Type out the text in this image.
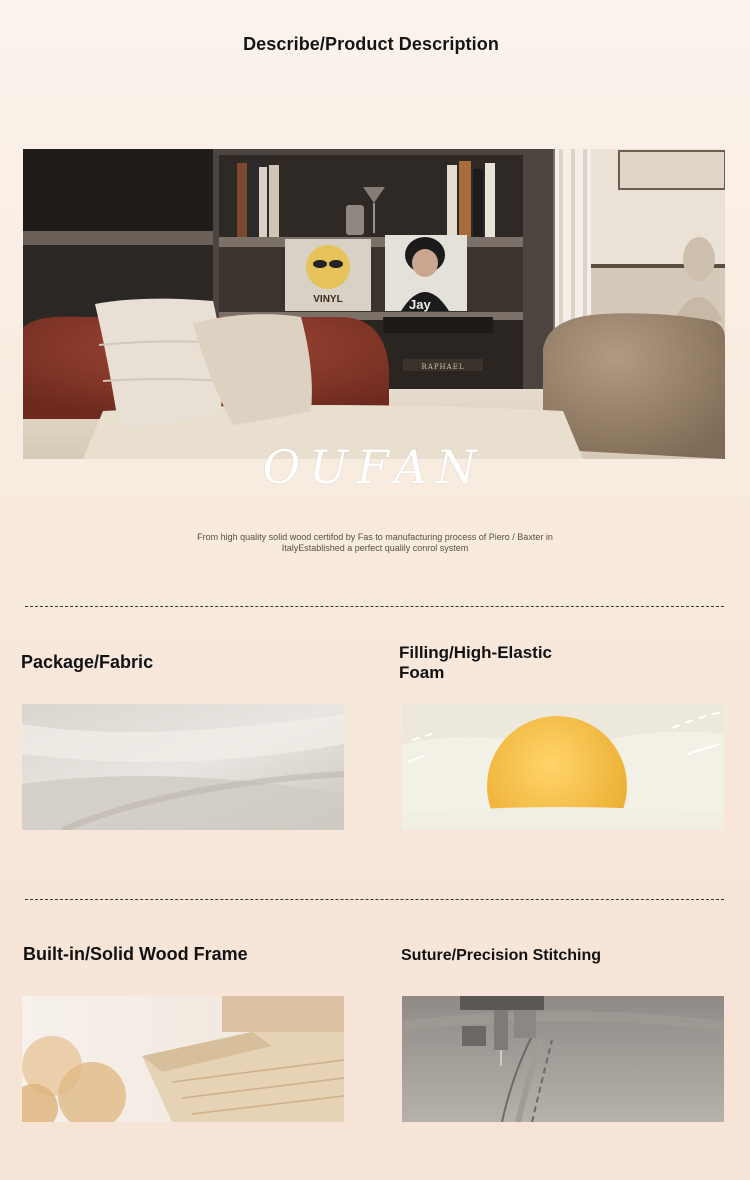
Describe/Product Description
VINYL	Jay
RAPHAEL
OUFAN
From high quality solid wood certifod by Fas to manufacturing process of Piero / Baxter in ItalyEstablished a perfect qualily conrol system
Package/Fabric	Filling/High-Elastic Foam
Built-in/Solid Wood Frame	Suture/Precision Stitching
